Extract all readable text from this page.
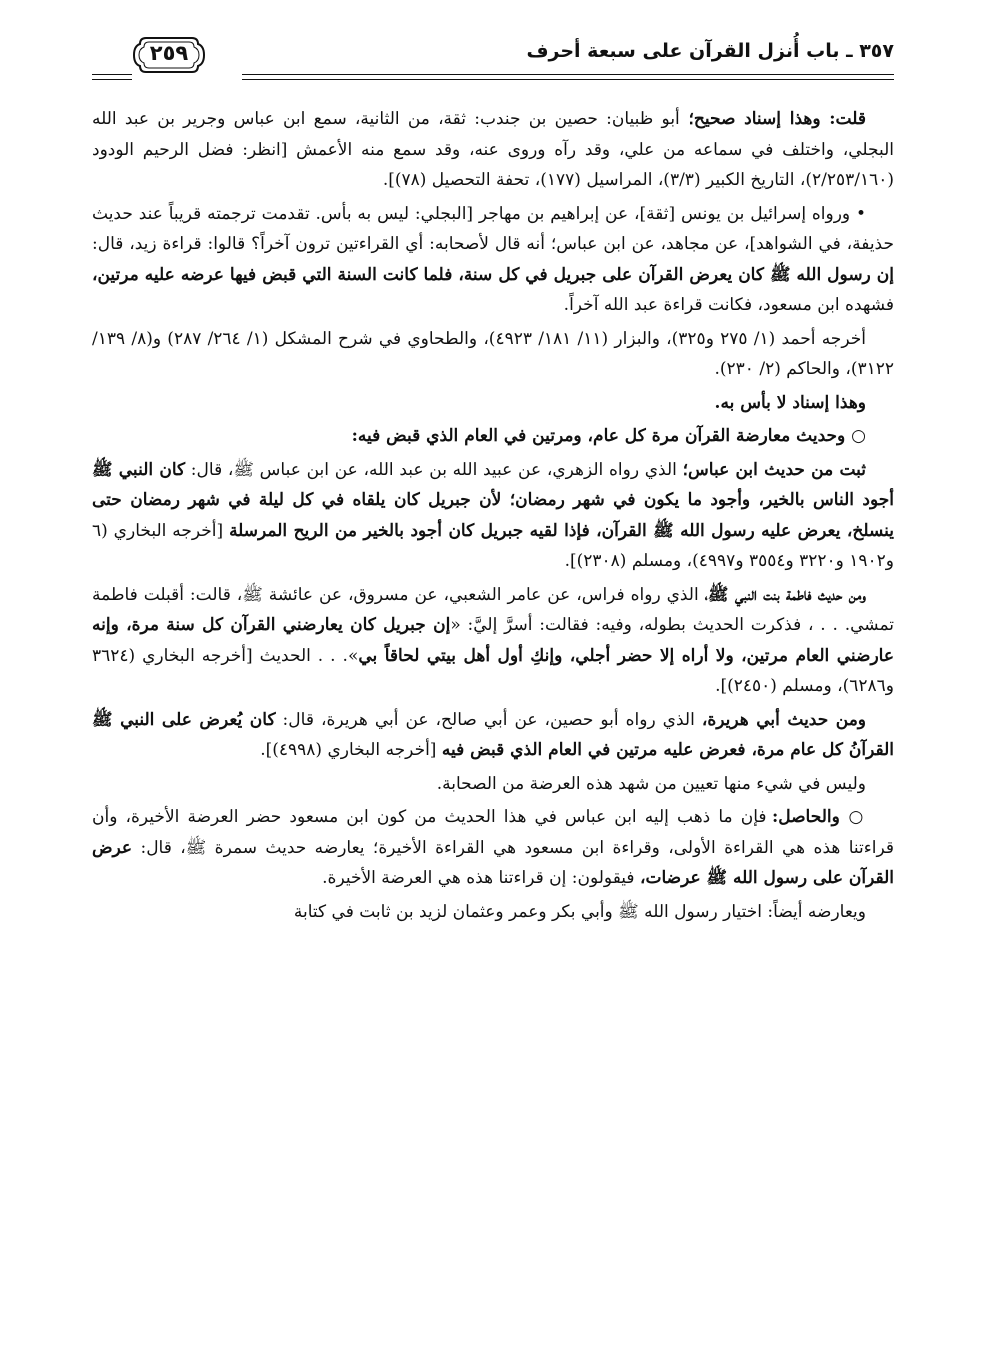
٣٥٧ ـ باب أُنزل القرآن على سبعة أحرف
٢٥٩

قلت: وهذا إسناد صحيح؛ أبو ظبيان: حصين بن جندب: ثقة، من الثانية، سمع ابن عباس وجرير بن عبد الله البجلي، واختلف في سماعه من علي، وقد رآه وروى عنه، وقد سمع منه الأعمش [انظر: فضل الرحيم الودود (٢/٢٥٣/١٦٠)، التاريخ الكبير (٣/٣)، المراسيل (١٧٧)، تحفة التحصيل (٧٨)].

• ورواه إسرائيل بن يونس [ثقة]، عن إبراهيم بن مهاجر [البجلي: ليس به بأس. تقدمت ترجمته قريباً عند حديث حذيفة، في الشواهد]، عن مجاهد، عن ابن عباس؛ أنه قال لأصحابه: أي القراءتين ترون آخراً؟ قالوا: قراءة زيد، قال: إن رسول الله ﷺ كان يعرض القرآن على جبريل في كل سنة، فلما كانت السنة التي قبض فيها عرضه عليه مرتين، فشهده ابن مسعود، فكانت قراءة عبد الله آخراً.

أخرجه أحمد (١/ ٢٧٥ و٣٢٥)، والبزار (١١/ ١٨١/ ٤٩٢٣)، والطحاوي في شرح المشكل (١/ ٢٦٤/ ٢٨٧) و(٨/ ١٣٩/ ٣١٢٢)، والحاكم (٢/ ٢٣٠).

وهذا إسناد لا بأس به.

○ وحديث معارضة القرآن مرة كل عام، ومرتين في العام الذي قبض فيه:

ثبت من حديث ابن عباس؛ الذي رواه الزهري، عن عبيد الله بن عبد الله، عن ابن عباس ﷺ، قال: كان النبي ﷺ أجود الناس بالخير، وأجود ما يكون في شهر رمضان؛ لأن جبريل كان يلقاه في كل ليلة في شهر رمضان حتى ينسلخ، يعرض عليه رسول الله ﷺ القرآن، فإذا لقيه جبريل كان أجود بالخير من الريح المرسلة [أخرجه البخاري (٦ و١٩٠٢ و٣٢٢٠ و٣٥٥٤ و٤٩٩٧)، ومسلم (٢٣٠٨)].

ومن حديث فاطمة بنت النبي ﷺ، الذي رواه فراس، عن عامر الشعبي، عن مسروق، عن عائشة ﷺ، قالت: أقبلت فاطمة تمشي. . . ، فذكرت الحديث بطوله، وفيه: فقالت: أسرَّ إليَّ: «إن جبريل كان يعارضني القرآن كل سنة مرة، وإنه عارضني العام مرتين، ولا أراه إلا حضر أجلي، وإنكِ أول أهل بيتي لحاقاً بي». . . الحديث [أخرجه البخاري (٣٦٢٤ و٦٢٨٦)، ومسلم (٢٤٥٠)].

ومن حديث أبي هريرة، الذي رواه أبو حصين، عن أبي صالح، عن أبي هريرة، قال: كان يُعرض على النبي ﷺ القرآنُ كل عام مرة، فعرض عليه مرتين في العام الذي قبض فيه [أخرجه البخاري (٤٩٩٨)].

وليس في شيء منها تعيين من شهد هذه العرضة من الصحابة.

○ والحاصل: فإن ما ذهب إليه ابن عباس في هذا الحديث من كون ابن مسعود حضر العرضة الأخيرة، وأن قراءتنا هذه هي القراءة الأولى، وقراءة ابن مسعود هي القراءة الأخيرة؛ يعارضه حديث سمرة ﷺ، قال: عرض القرآن على رسول الله ﷺ عرضات، فيقولون: إن قراءتنا هذه هي العرضة الأخيرة.

ويعارضه أيضاً: اختيار رسول الله ﷺ وأبي بكر وعمر وعثمان لزيد بن ثابت في كتابة
